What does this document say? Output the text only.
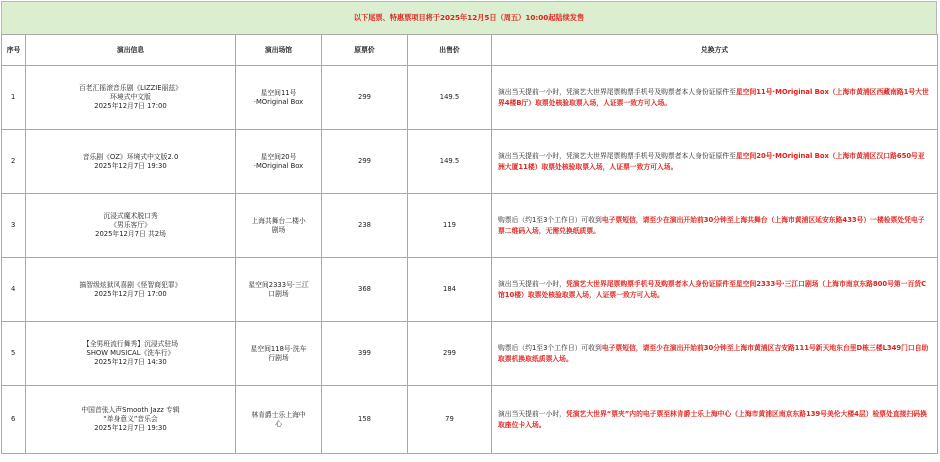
以下尾票、特惠票项目将于2025年12月5日（周五）10:00起陆续发售
序号	演出信息	演出场馆	原票价	出售价	兑换方式
1	百老汇摇滚音乐剧《LIZZIE丽兹》
环境式中文版
2025年12月7日 17:00	星空间11号·MOriginal Box	299	149.5	演出当天提前一小时，凭演艺大世界尾票购票手机号及购票者本人身份证原件至星空间11号·MOriginal Box（上海市黄浦区西藏南路1号大世界4楼B厅）取票处核验取票入场，人证票一致方可入场。
2	音乐剧《OZ》环境式中文版2.0
2025年12月7日 19:30	星空间20号·MOriginal Box	299	149.5	演出当天提前一小时，凭演艺大世界尾票购票手机号及购票者本人身份证原件至星空间20号·MOriginal Box（上海市黄浦区汉口路650号亚洲大厦11楼）取票处核验取票入场，人证票一致方可入场。
3	沉浸式魔术脱口秀
《男乐客厅》
2025年12月7日 共2场	上海共舞台二楼小剧场	238	119	购票后（约1至3个工作日）可收到电子票短信，请至少在演出开始前30分钟至上海共舞台（上海市黄浦区延安东路433号）一楼检票处凭电子票二维码入场，无需兑换纸质票。
4	搞智级炫狱风喜剧《怪智商犯罪》
2025年12月7日 17:00	星空间2333号·三江口剧场	368	184	演出当天提前一小时，凭演艺大世界尾票购票手机号及购票者本人身份证原件至星空间2333号·三江口剧场（上海市南京东路800号第一百货C馆10楼）取票处核验取票入场，人证票一致方可入场。
5	【全男班流行舞秀】沉浸式驻场
SHOW MUSICAL《洗车行》
2025年12月7日 14:30	星空间118号·洗车行剧场	399	299	购票后（约1至3个工作日）可收到电子票短信，请至少在演出开始前30分钟至上海市黄浦区吉安路111号新天地东台里D栋三楼L349门口自助取票机换取纸质票入场。
6	中国首张人声Smooth Jazz 专辑
“单身意义”音乐会
2025年12月7日 19:30	林肯爵士乐上海中心	158	79	演出当天提前一小时，凭演艺大世界“票夹”内的电子票至林肯爵士乐上海中心（上海市黄浦区南京东路139号美伦大楼4层）检票处直接扫码换取座位卡入场。
